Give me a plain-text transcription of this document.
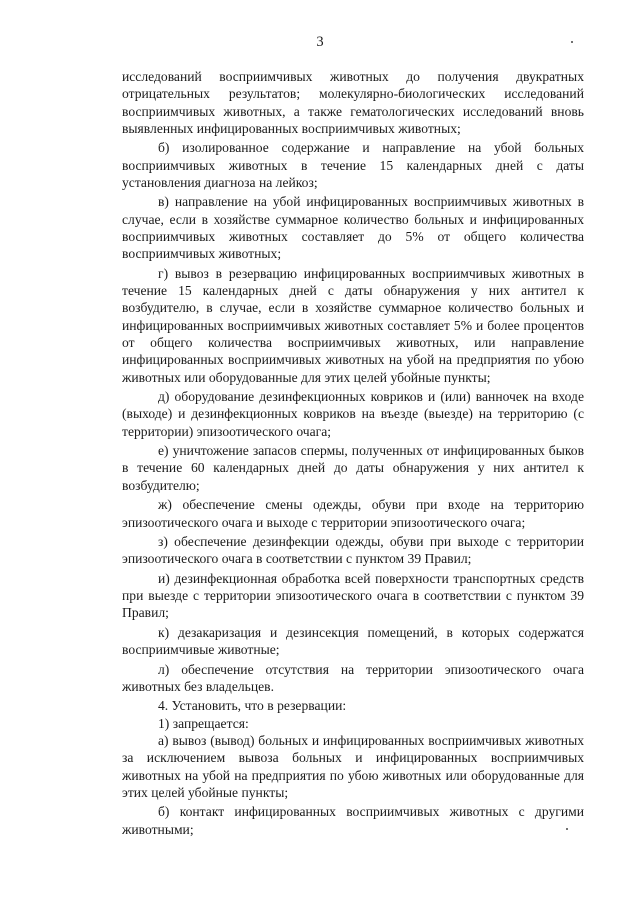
3

исследований восприимчивых животных до получения двукратных отрицательных результатов; молекулярно-биологических исследований восприимчивых животных, а также гематологических исследований вновь выявленных инфицированных восприимчивых животных;

б) изолированное содержание и направление на убой больных восприимчивых животных в течение 15 календарных дней с даты установления диагноза на лейкоз;

в) направление на убой инфицированных восприимчивых животных в случае, если в хозяйстве суммарное количество больных и инфицированных восприимчивых животных составляет до 5% от общего количества восприимчивых животных;

г) вывоз в резервацию инфицированных восприимчивых животных в течение 15 календарных дней с даты обнаружения у них антител к возбудителю, в случае, если в хозяйстве суммарное количество больных и инфицированных восприимчивых животных составляет 5% и более процентов от общего количества восприимчивых животных, или направление инфицированных восприимчивых животных на убой на предприятия по убою животных или оборудованные для этих целей убойные пункты;

д) оборудование дезинфекционных ковриков и (или) ванночек на входе (выходе) и дезинфекционных ковриков на въезде (выезде) на территорию (с территории) эпизоотического очага;

е) уничтожение запасов спермы, полученных от инфицированных быков в течение 60 календарных дней до даты обнаружения у них антител к возбудителю;

ж) обеспечение смены одежды, обуви при входе на территорию эпизоотического очага и выходе с территории эпизоотического очага;

з) обеспечение дезинфекции одежды, обуви при выходе с территории эпизоотического очага в соответствии с пунктом 39 Правил;

и) дезинфекционная обработка всей поверхности транспортных средств при выезде с территории эпизоотического очага в соответствии с пунктом 39 Правил;

к) дезакаризация и дезинсекция помещений, в которых содержатся восприимчивые животные;

л) обеспечение отсутствия на территории эпизоотического очага животных без владельцев.

4. Установить, что в резервации:

1) запрещается:

а) вывоз (вывод) больных и инфицированных восприимчивых животных за исключением вывоза больных и инфицированных восприимчивых животных на убой на предприятия по убою животных или оборудованные для этих целей убойные пункты;

б) контакт инфицированных восприимчивых животных с другими животными;
